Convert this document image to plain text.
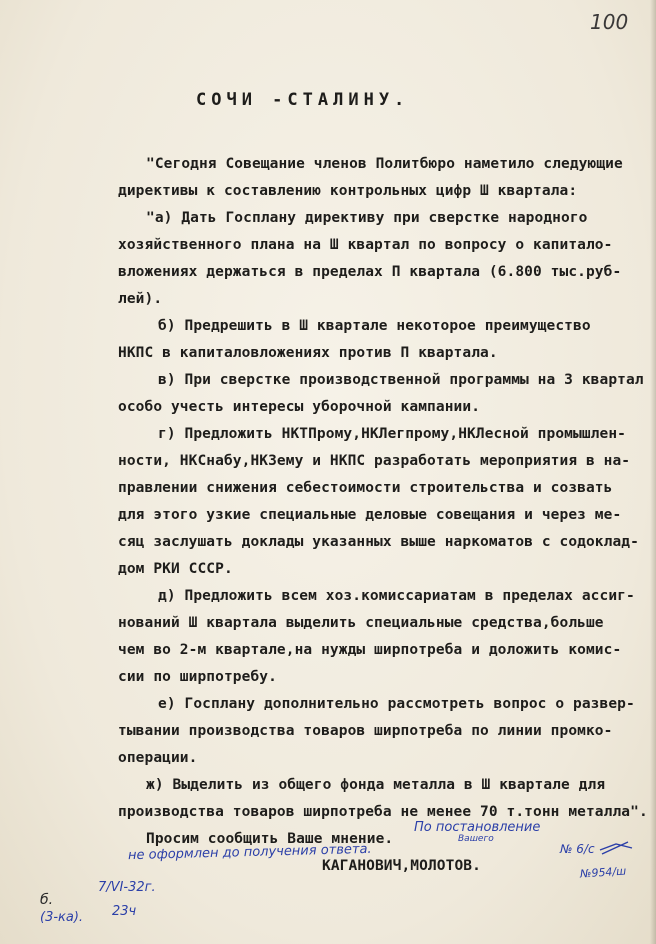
100
СОЧИ -СТАЛИНУ.
"Сегодня Совещание членов Политбюро наметило следующие
директивы к составлению контрольных цифр Ш квартала:
"а) Дать Госплану директиву при сверстке народного
хозяйственного плана на Ш квартал по вопросу о капитало-
вложениях держаться в пределах П квартала (6.800 тыс.руб-
лей).
б) Предрешить в Ш квартале некоторое преимущество
НКПС в капиталовложениях против П квартала.
в) При сверстке производственной программы на 3 квартал
особо учесть интересы уборочной кампании.
г) Предложить НКТПрому,НКЛегпрому,НКЛесной промышлен-
ности, НКСнабу,НКЗему и НКПС разработать мероприятия в на-
правлении снижения себестоимости строительства и созвать
для этого узкие специальные деловые совещания и через ме-
сяц заслушать доклады указанных выше наркоматов с содоклад-
дом РКИ СССР.
д) Предложить всем хоз.комиссариатам в пределах ассиг-
нований Ш квартала выделить специальные средства,больше
чем во 2-м квартале,на нужды ширпотреба и доложить комис-
сии по ширпотребу.
е) Госплану дополнительно рассмотреть вопрос о развер-
тывании производства товаров ширпотреба по линии промко-
операции.
ж) Выделить из общего фонда металла в Ш квартале для
производства товаров ширпотреба не менее 70 т.тонн металла".
Просим сообщить Ваше мнение.
По постановление
Вашего
не оформлен до получения ответа.	№ 6/с
№954/ш
КАГАНОВИЧ,МОЛОТОВ.
б.
7/VI-32г.
(3-ка). 23ч
